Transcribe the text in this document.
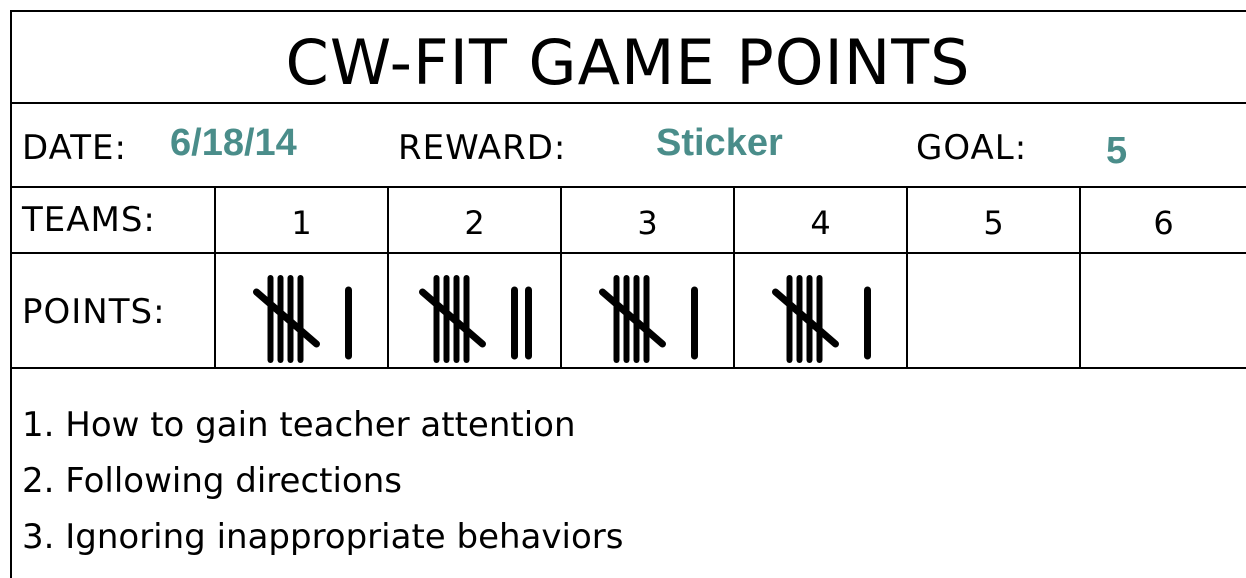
CW-FIT GAME POINTS
DATE: 6/18/14	REWARD: Sticker	GOAL: 5
TEAMS:	1	2	3	4	5	6
POINTS:
1. How to gain teacher attention
2. Following directions
3. Ignoring inappropriate behaviors
